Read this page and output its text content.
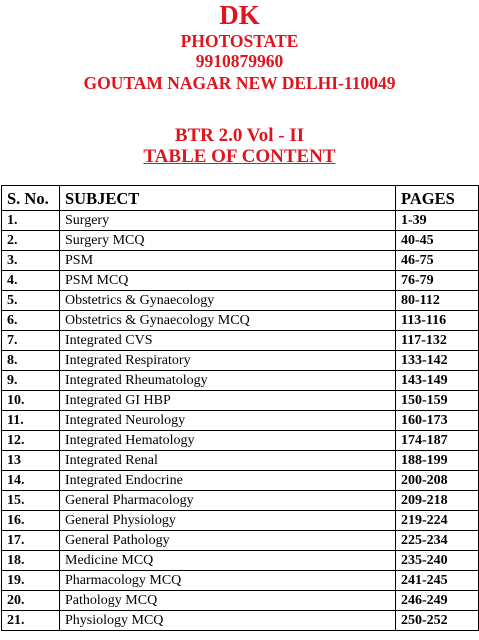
DK
PHOTOSTATE
9910879960
GOUTAM NAGAR NEW DELHI-110049
BTR 2.0 Vol - II
TABLE OF CONTENT
S. No.	SUBJECT	PAGES
1.	Surgery	1-39
2.	Surgery MCQ	40-45
3.	PSM	46-75
4.	PSM MCQ	76-79
5.	Obstetrics & Gynaecology	80-112
6.	Obstetrics & Gynaecology MCQ	113-116
7.	Integrated CVS	117-132
8.	Integrated Respiratory	133-142
9.	Integrated Rheumatology	143-149
10.	Integrated GI HBP	150-159
11.	Integrated Neurology	160-173
12.	Integrated Hematology	174-187
13	Integrated Renal	188-199
14.	Integrated Endocrine	200-208
15.	General Pharmacology	209-218
16.	General Physiology	219-224
17.	General Pathology	225-234
18.	Medicine MCQ	235-240
19.	Pharmacology MCQ	241-245
20.	Pathology MCQ	246-249
21.	Physiology MCQ	250-252
